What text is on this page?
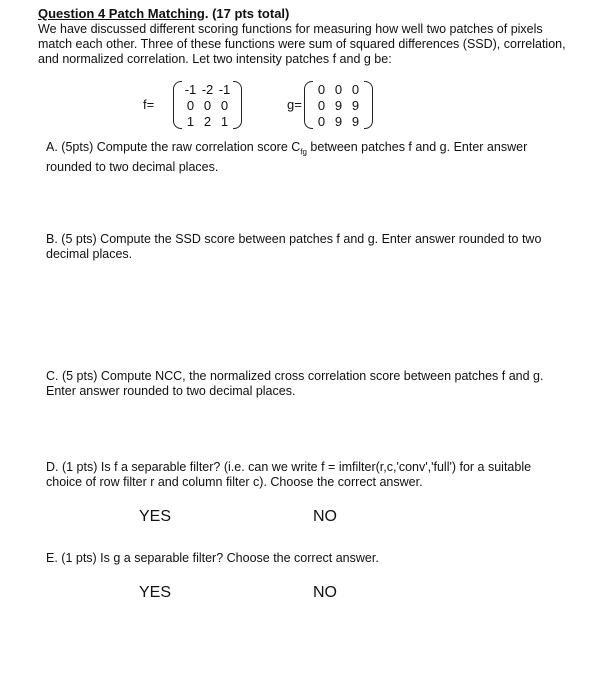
Question 4 Patch Matching. (17 pts total)
We have discussed different scoring functions for measuring how well two patches of pixels match each other. Three of these functions were sum of squared differences (SSD), correlation, and normalized correlation. Let two intensity patches f and g be:
f=
-1 -2 -1
0 0 0
1 2 1
g=
0 0 0
0 9 9
0 9 9
A. (5pts) Compute the raw correlation score $C_{fg}$ between patches f and g. Enter answer rounded to two decimal places.
B. (5 pts) Compute the SSD score between patches f and g. Enter answer rounded to two decimal places.
C. (5 pts) Compute NCC, the normalized cross correlation score between patches f and g. Enter answer rounded to two decimal places.
D. (1 pts) Is f a separable filter? (i.e. can we write f = imfilter(r,c,'conv','full') for a suitable choice of row filter r and column filter c). Choose the correct answer.
YES	NO
E. (1 pts) Is g a separable filter? Choose the correct answer.
YES	NO
